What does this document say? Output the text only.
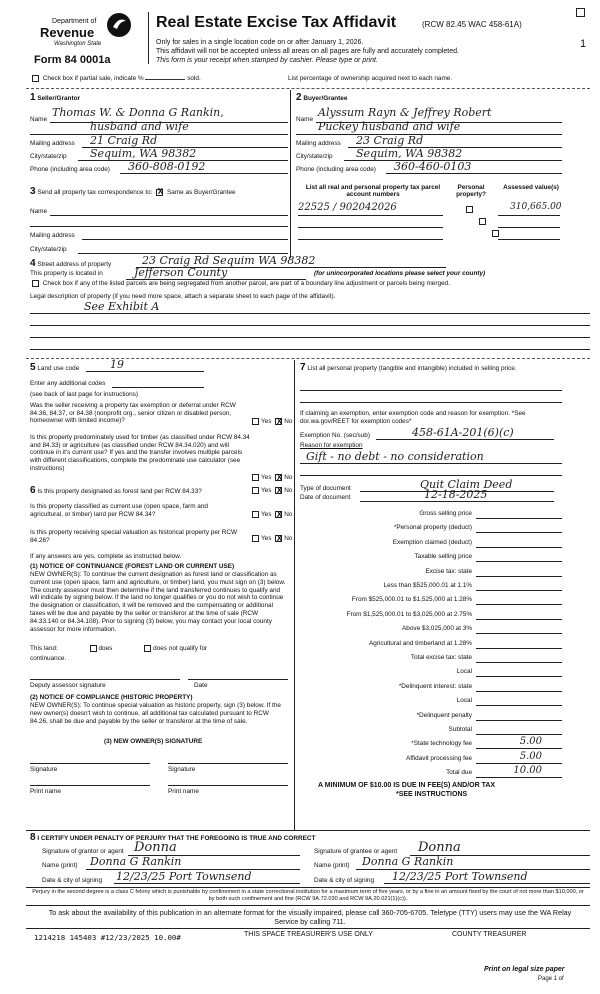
Department of
Revenue
Washington State
Form 84 0001a
Real Estate Excise Tax Affidavit	(RCW 82.45 WAC 458-61A)
Only for sales in a single location code on or after January 1, 2026.
This affidavit will not be accepted unless all areas on all pages are fully and accurately completed.
This form is your receipt when stamped by cashier. Please type or print.
1
Check box if partial sale, indicate %	sold.	List percentage of ownership acquired next to each name.
1 Seller/Grantor
Name
Thomas W. & Donna G Rankin,
husband and wife
Mailing address 21 Craig Rd
City/state/zip Sequim, WA 98382
Phone (including area code) 360-808-0192
2 Buyer/Grantee
Name
Alyssum Rayn & Jeffrey Robert
Puckey husband and wife
Mailing address 23 Craig Rd
City/state/zip Sequim, WA 98382
Phone (including area code) 360-460-0103
3 Send all property tax correspondence to: X Same as Buyer/Grantee
Name
Mailing address
City/state/zip
List all real and personal property tax parcel account numbers
Personal property?
Assessed value(s)
22525 / 902042026
	310,665.00
4 Street address of property	23 Craig Rd Sequim WA 98382
This property is located in	Jefferson County	(for unincorporated locations please select your county)
Check box if any of the listed parcels are being segregated from another parcel, are part of a boundary line adjustment or parcels being merged.
Legal description of property (if you need more space, attach a separate sheet to each page of the affidavit).
See Exhibit A
5 Land use code	19
Enter any additional codes
(see back of last page for instructions)
Was the seller receiving a property tax exemption or deferral under RCW 84.36, 84.37, or 84.38 (nonprofit org., senior citizen or disabled person, homeowner with limited income)?	Yes X No
Is this property predominately used for timber (as classified under RCW 84.34 and 84.33) or agriculture (as classified under RCW 84.34.020) and will continue in it's current use? If yes and the transfer involves multiple parcels with different classifications, complete the predominate use calculator (see instructions)
Yes X No
6 Is this property designated as forest land per RCW 84.33?	Yes X No
Is this property classified as current use (open space, farm and agricultural, or timber) land per RCW 84.34?	Yes X No
Is this property receiving special valuation as historical property per RCW 84.26?	Yes X No
If any answers are yes, complete as instructed below.
(1) NOTICE OF CONTINUANCE (FOREST LAND OR CURRENT USE)
NEW OWNER(S): To continue the current designation as forest land or classification as current use (open space, farm and agriculture, or timber) land, you must sign on (3) below. The county assessor must then determine if the land transferred continues to qualify and will indicate by signing below. If the land no longer qualifies or you do not wish to continue the designation or classification, it will be removed and the compensating or additional taxes will be due and payable by the seller or transferor at the time of sale (RCW 84.33.140 or 84.34.108). Prior to signing (3) below, you may contact your local county assessor for more information.
This land:	does	does not qualify for
continuance.
Deputy assessor signature	Date
(2) NOTICE OF COMPLIANCE (HISTORIC PROPERTY)
NEW OWNER(S): To continue special valuation as historic property, sign (3) below. If the new owner(s) doesn't wish to continue, all additional tax calculated pursuant to RCW 84.26, shall be due and payable by the seller or transferor at the time of sale.
(3) NEW OWNER(S) SIGNATURE
Signature	Signature
Print name	Print name
7 List all personal property (tangible and intangible) included in selling price.
If claiming an exemption, enter exemption code and reason for exemption. *See dor.wa.gov/REET for exemption codes*
Exemption No. (sec/sub)	458-61A-201(6)(c)
Reason for exemption
Gift - no debt - no consideration
Type of document	Quit Claim Deed
Date of document	12-18-2025
Gross selling price
*Personal property (deduct)
Exemption claimed (deduct)
Taxable selling price
Excise tax: state
Less than $525,000.01 at 1.1%
From $525,000.01 to $1,525,000 at 1.28%
From $1,525,000.01 to $3,025,000 at 2.75%
Above $3,025,000 at 3%
Agricultural and timberland at 1.28%
Total excise tax: state
Local
*Delinquent interest: state
Local
*Delinquent penalty
Subtotal
*State technology fee	5.00
Affidavit processing fee	5.00
Total due	10.00
A MINIMUM OF $10.00 IS DUE IN FEE(S) AND/OR TAX
*SEE INSTRUCTIONS
8 I CERTIFY UNDER PENALTY OF PERJURY THAT THE FOREGOING IS TRUE AND CORRECT
Signature of grantor or agent Donna
Name (print) Donna G Rankin
Date & city of signing 12/23/25 Port Townsend
Signature of grantee or agent Donna
Name (print) Donna G Rankin
Date & city of signing 12/23/25 Port Townsend
Perjury in the second degree is a class C felony which is punishable by confinement in a state correctional institution for a maximum term of five years, or by a fine in an amount fixed by the court of not more than $10,000, or by both such confinement and fine (RCW 9A.72.030 and RCW 9A.20.021(1)(c)).
To ask about the availability of this publication in an alternate format for the visually impaired, please call 360-705-6705. Teletype (TTY) users may use the WA Relay Service by calling 711.
1214218 145403 #12/23/2025 10.00#	THIS SPACE TREASURER'S USE ONLY	COUNTY TREASURER
Print on legal size paper
Page 1 of
